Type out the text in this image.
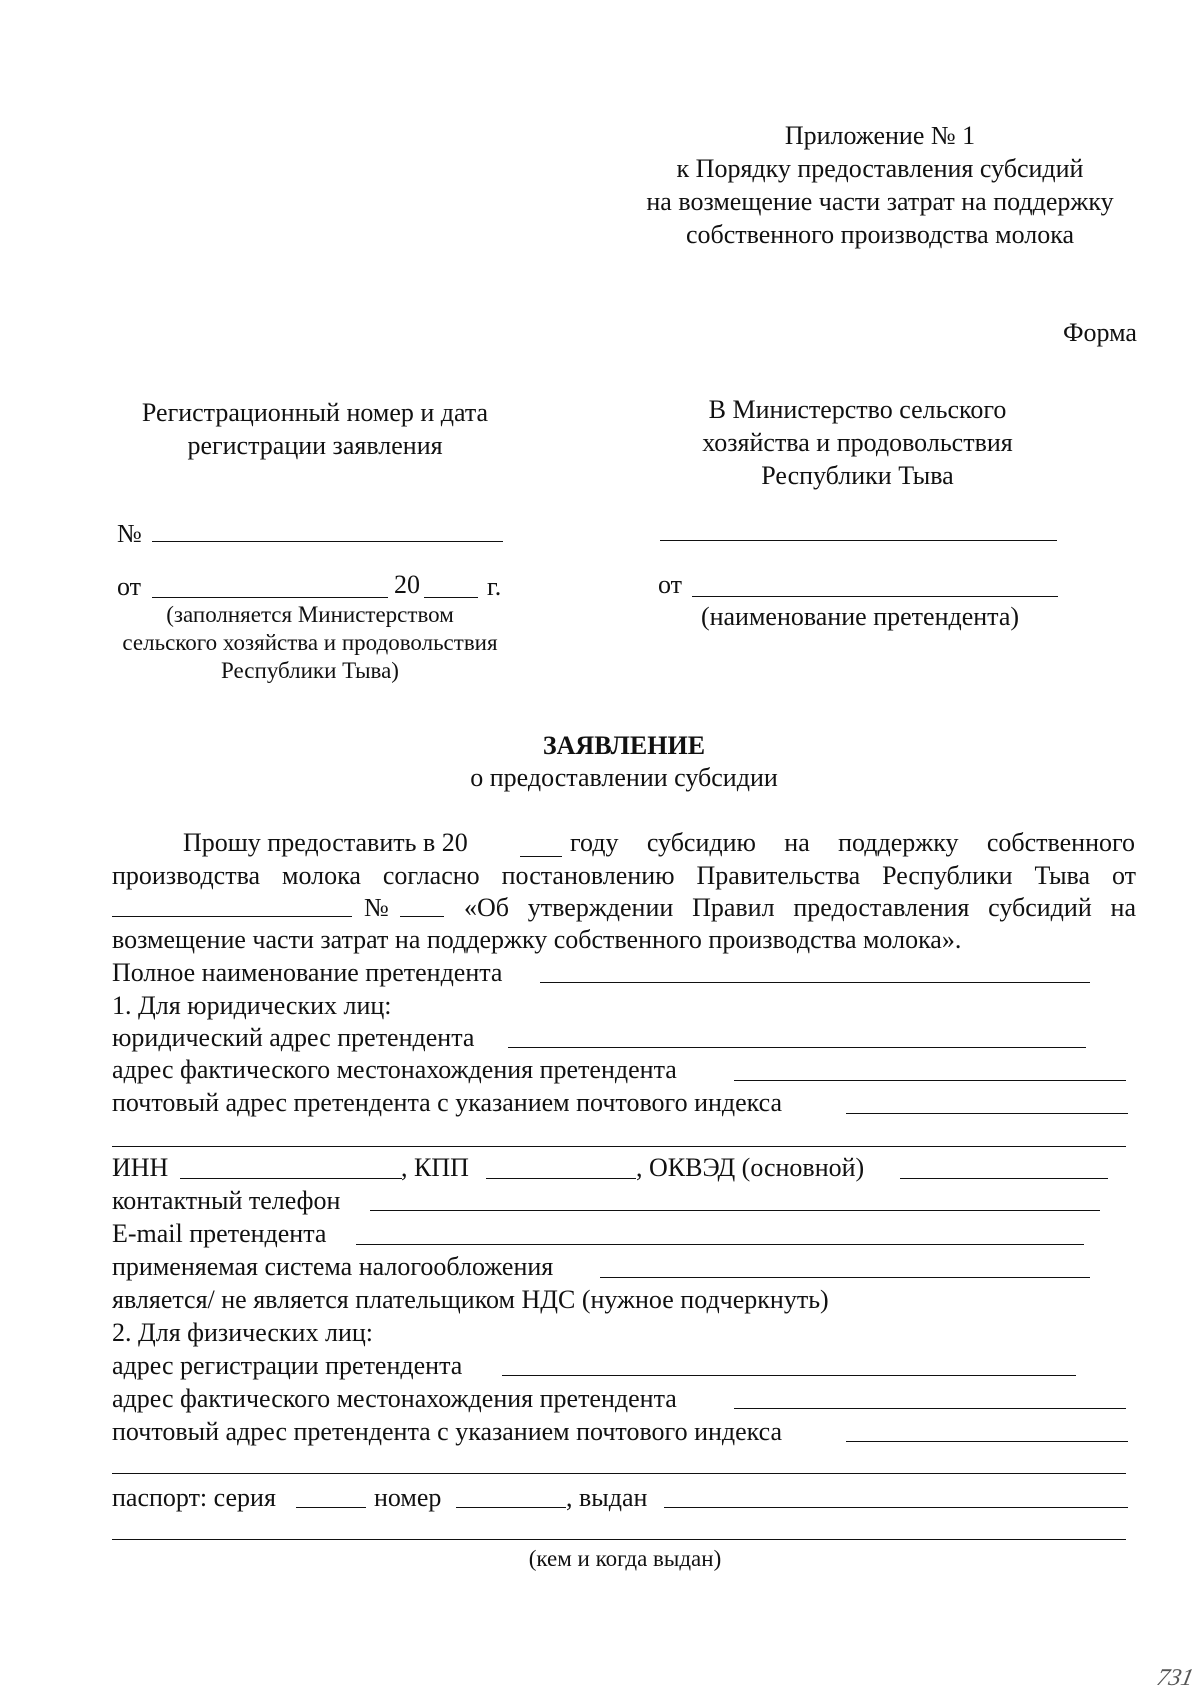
Приложение № 1
к Порядку предоставления субсидий
на возмещение части затрат на поддержку
собственного производства молока
Форма
Регистрационный номер и дата
регистрации заявления
№
от	20	г.
(заполняется Министерством
сельского хозяйства и продовольствия
Республики Тыва)
В Министерство сельского
хозяйства и продовольствия
Республики Тыва
от
(наименование претендента)
ЗАЯВЛЕНИЕ
о предоставлении субсидии
Прошу предоставить в 20	году субсидию на поддержку собственного
производства молока согласно постановлению Правительства Республики Тыва от
№	«Об утверждении Правил предоставления субсидий на
возмещение части затрат на поддержку собственного производства молока».
Полное наименование претендента
1. Для юридических лиц:
юридический адрес претендента
адрес фактического местонахождения претендента
почтовый адрес претендента с указанием почтового индекса
ИНН	, КПП	, ОКВЭД (основной)
контактный телефон
E-mail претендента
применяемая система налогообложения
является/ не является плательщиком НДС (нужное подчеркнуть)
2. Для физических лиц:
адрес регистрации претендента
адрес фактического местонахождения претендента
почтовый адрес претендента с указанием почтового индекса
паспорт: серия	номер	, выдан
(кем и когда выдан)
731
